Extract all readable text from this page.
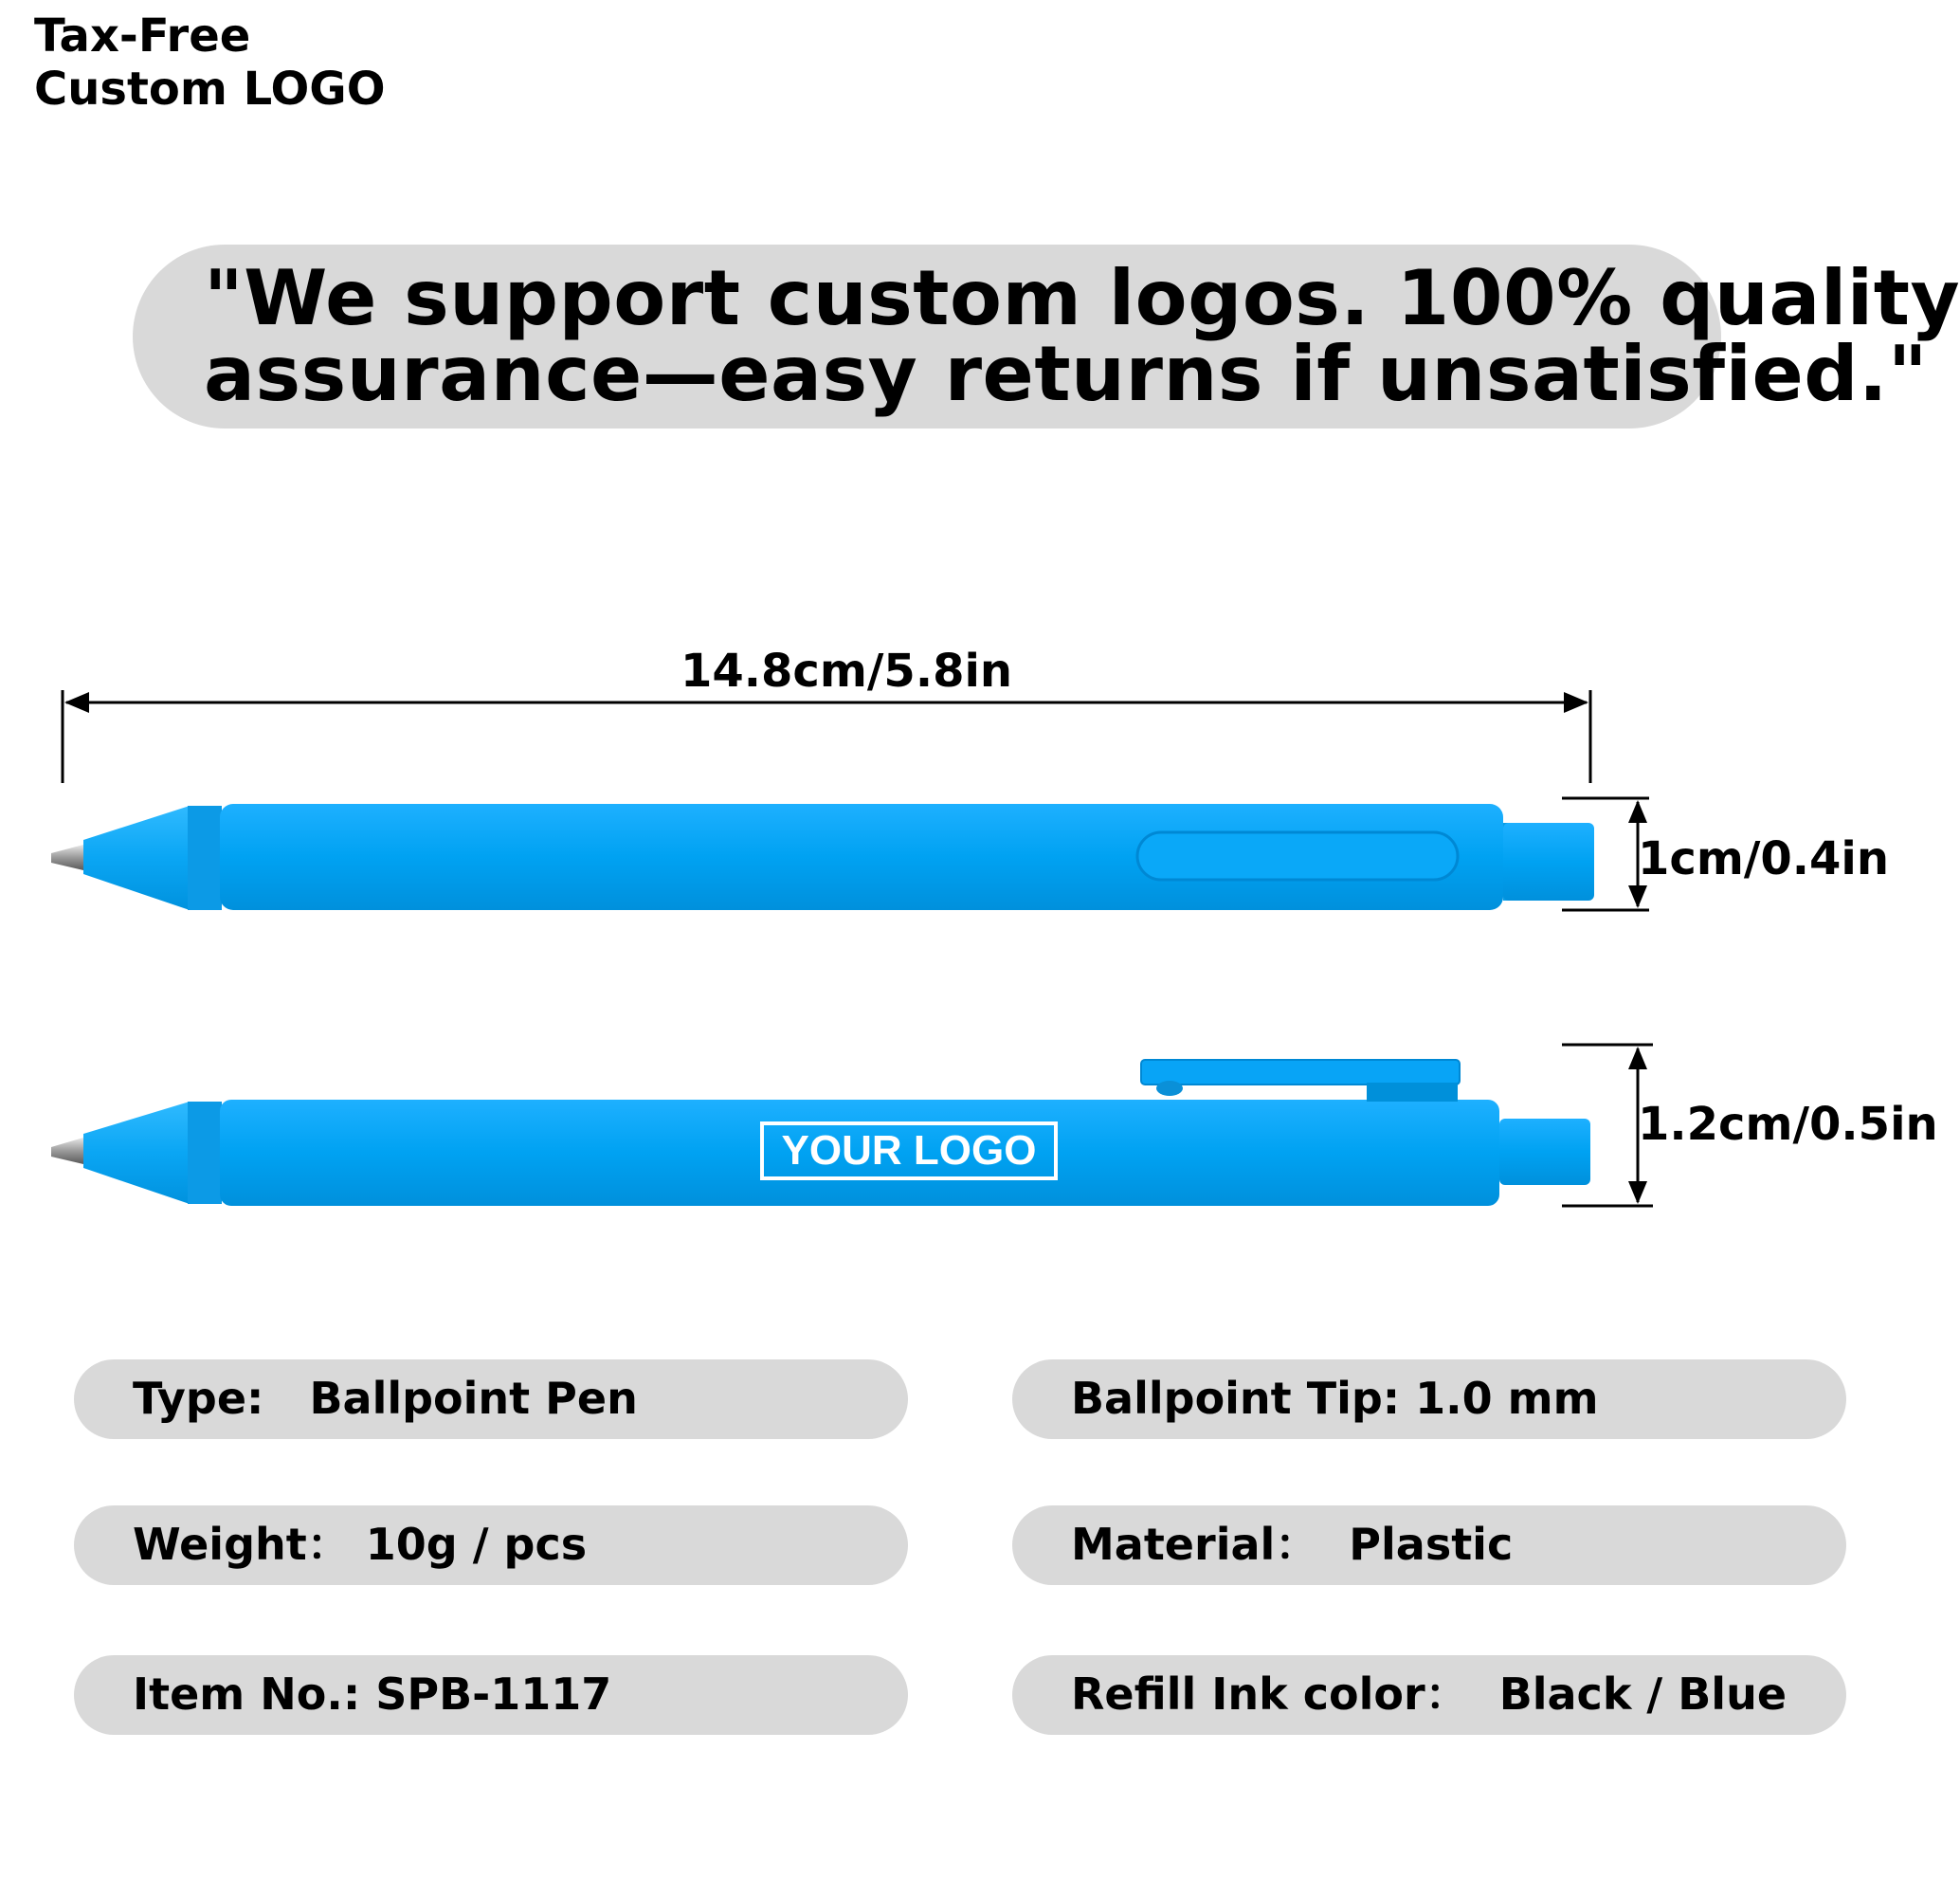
Tax-Free
Custom LOGO
"We support custom logos. 100% quality
assurance—easy returns if unsatisfied."
YOUR LOGO
14.8cm/5.8in
1cm/0.4in
1.2cm/0.5in
Type:   Ballpoint Pen	Ballpoint Tip: 1.0 mm
Weight： 10g / pcs	Material：  Plastic
Item No.: SPB-1117	Refill Ink color：  Black / Blue
